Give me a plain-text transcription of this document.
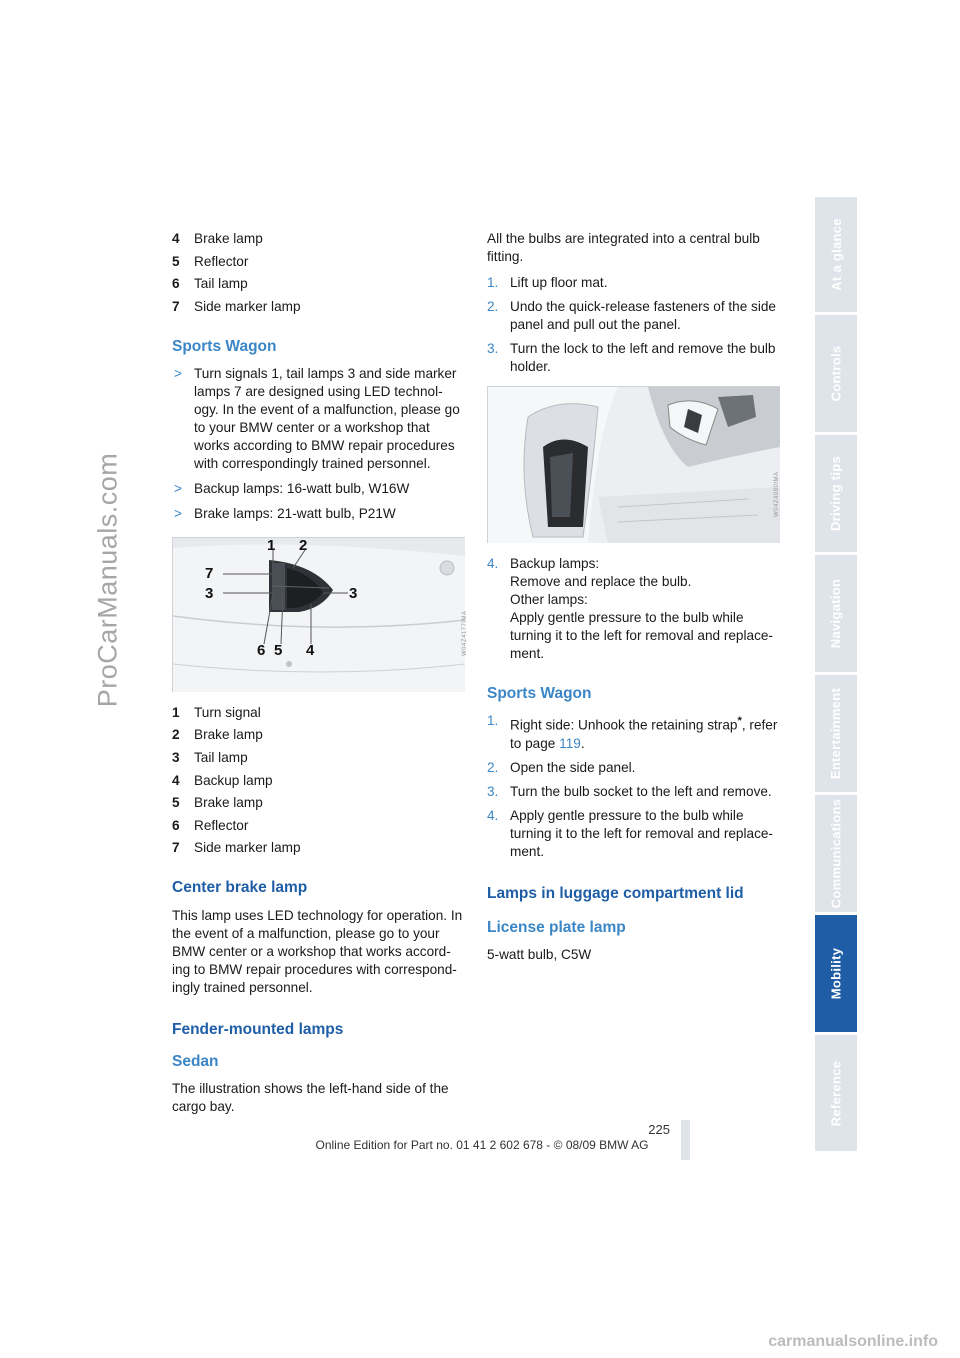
ProCarManuals.com
4	Brake lamp
5	Reflector
6	Tail lamp
7	Side marker lamp
Sports Wagon
> Turn signals 1, tail lamps 3 and side marker lamps 7 are designed using LED technol-ogy. In the event of a malfunction, please go to your BMW center or a workshop that works according to BMW repair procedures with correspondingly trained personnel.
> Backup lamps: 16-watt bulb, W16W
> Brake lamps: 21-watt bulb, P21W
1 2
7
3	3
6 5 4	W04Z4177IMA
1	Turn signal
2	Brake lamp
3	Tail lamp
4	Backup lamp
5	Brake lamp
6	Reflector
7	Side marker lamp
Center brake lamp

This lamp uses LED technology for operation. In the event of a malfunction, please go to your BMW center or a workshop that works accord-ing to BMW repair procedures with correspond-ingly trained personnel.

Fender-mounted lamps
Sedan

The illustration shows the left-hand side of the cargo bay.

All the bulbs are integrated into a central bulb fitting.

1. Lift up floor mat.
2. Undo the quick-release fasteners of the side panel and pull out the panel.
3. Turn the lock to the left and remove the bulb holder.
W04Z4080IMA
4. Backup lamps:
Remove and replace the bulb.
Other lamps:
Apply gentle pressure to the bulb while turning it to the left for removal and replace-ment.
Sports Wagon
1. Right side: Unhook the retaining strap*, refer to page 119.
2. Open the side panel.
3. Turn the bulb socket to the left and remove.
4. Apply gentle pressure to the bulb while turning it to the left for removal and replace-ment.
Lamps in luggage compartment lid
License plate lamp

5-watt bulb, C5W

At a glance
Controls
Driving tips
Navigation
Entertainment
Communications
Mobility
Reference
225
Online Edition for Part no. 01 41 2 602 678 - © 08/09 BMW AG
carmanualsonline.info
